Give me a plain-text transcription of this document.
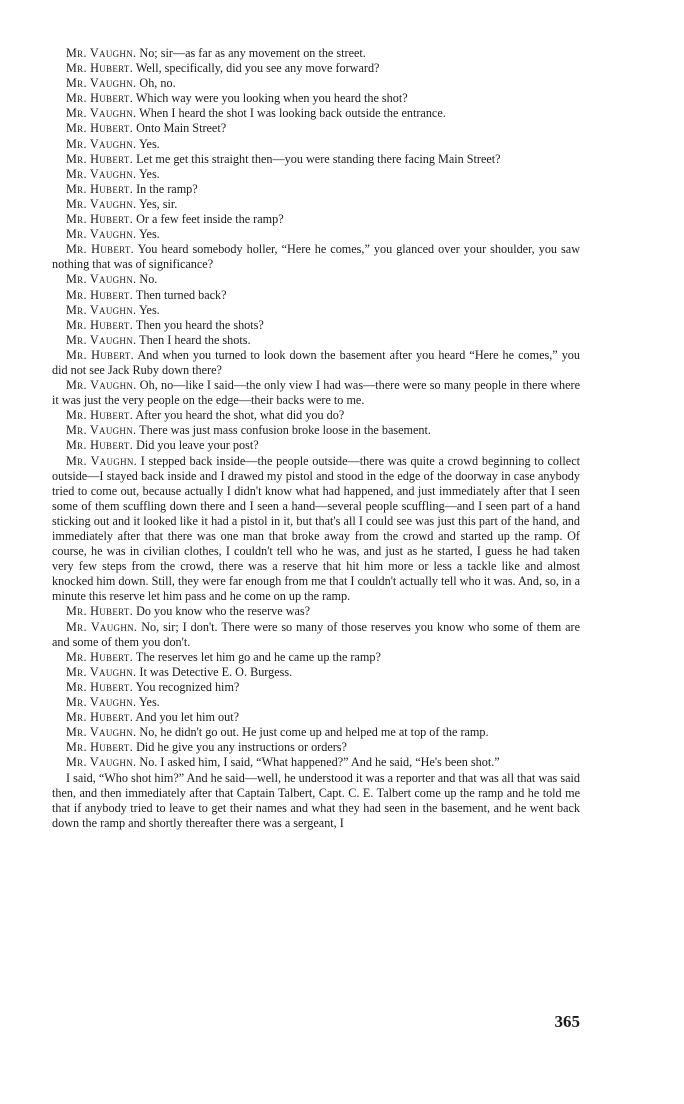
Mr. Vaughn. No; sir—as far as any movement on the street.

Mr. Hubert. Well, specifically, did you see any move forward?

Mr. Vaughn. Oh, no.

Mr. Hubert. Which way were you looking when you heard the shot?

Mr. Vaughn. When I heard the shot I was looking back outside the entrance.

Mr. Hubert. Onto Main Street?

Mr. Vaughn. Yes.

Mr. Hubert. Let me get this straight then—you were standing there facing Main Street?

Mr. Vaughn. Yes.

Mr. Hubert. In the ramp?

Mr. Vaughn. Yes, sir.

Mr. Hubert. Or a few feet inside the ramp?

Mr. Vaughn. Yes.

Mr. Hubert. You heard somebody holler, “Here he comes,” you glanced over your shoulder, you saw nothing that was of significance?

Mr. Vaughn. No.

Mr. Hubert. Then turned back?

Mr. Vaughn. Yes.

Mr. Hubert. Then you heard the shots?

Mr. Vaughn. Then I heard the shots.

Mr. Hubert. And when you turned to look down the basement after you heard “Here he comes,” you did not see Jack Ruby down there?

Mr. Vaughn. Oh, no—like I said—the only view I had was—there were so many people in there where it was just the very people on the edge—their backs were to me.

Mr. Hubert. After you heard the shot, what did you do?

Mr. Vaughn. There was just mass confusion broke loose in the basement.

Mr. Hubert. Did you leave your post?

Mr. Vaughn. I stepped back inside—the people outside—there was quite a crowd beginning to collect outside—I stayed back inside and I drawed my pistol and stood in the edge of the doorway in case anybody tried to come out, because actually I didn't know what had happened, and just immediately after that I seen some of them scuffling down there and I seen a hand—several people scuffling—and I seen part of a hand sticking out and it looked like it had a pistol in it, but that's all I could see was just this part of the hand, and immediately after that there was one man that broke away from the crowd and started up the ramp. Of course, he was in civilian clothes, I couldn't tell who he was, and just as he started, I guess he had taken very few steps from the crowd, there was a reserve that hit him more or less a tackle like and almost knocked him down. Still, they were far enough from me that I couldn't actually tell who it was. And, so, in a minute this reserve let him pass and he come on up the ramp.

Mr. Hubert. Do you know who the reserve was?

Mr. Vaughn. No, sir; I don't. There were so many of those reserves you know who some of them are and some of them you don't.

Mr. Hubert. The reserves let him go and he came up the ramp?

Mr. Vaughn. It was Detective E. O. Burgess.

Mr. Hubert. You recognized him?

Mr. Vaughn. Yes.

Mr. Hubert. And you let him out?

Mr. Vaughn. No, he didn't go out. He just come up and helped me at top of the ramp.

Mr. Hubert. Did he give you any instructions or orders?

Mr. Vaughn. No. I asked him, I said, “What happened?” And he said, “He's been shot.”

I said, “Who shot him?” And he said—well, he understood it was a reporter and that was all that was said then, and then immediately after that Captain Talbert, Capt. C. E. Talbert come up the ramp and he told me that if anybody tried to leave to get their names and what they had seen in the basement, and he went back down the ramp and shortly thereafter there was a sergeant, I

365
